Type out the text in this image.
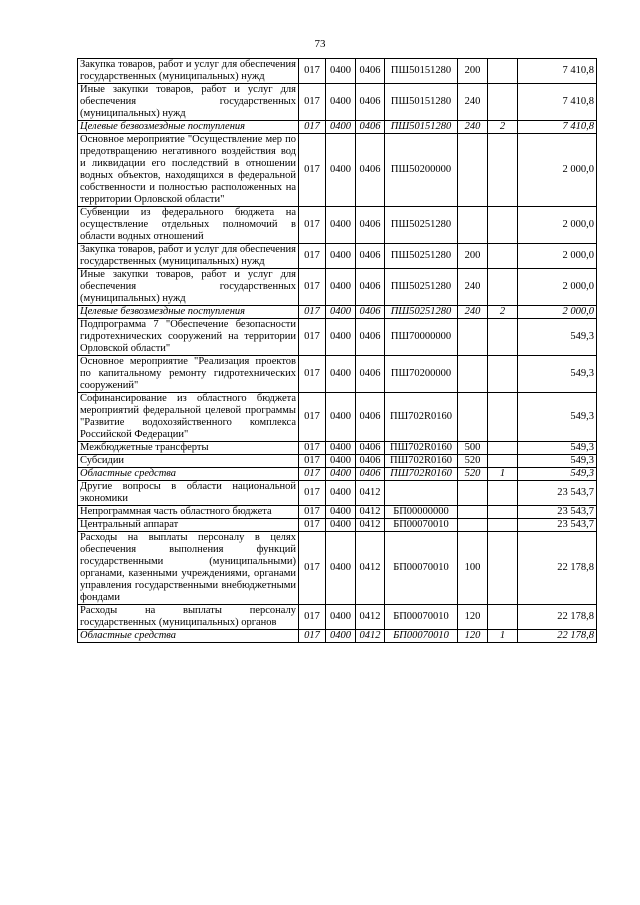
73
Закупка товаров, работ и услуг для обеспечения государственных (муниципальных) нужд	017	0400	0406	ПШ50151280	200		7 410,8
Иные закупки товаров, работ и услуг для обеспечения государственных (муниципальных) нужд	017	0400	0406	ПШ50151280	240		7 410,8
Целевые безвозмездные поступления	017	0400	0406	ПШ50151280	240	2	7 410,8
Основное мероприятие "Осуществление мер по предотвращению негативного воздействия вод и ликвидации его последствий в отношении водных объектов, находящихся в федеральной собственности и полностью расположенных на территории Орловской области"	017	0400	0406	ПШ50200000			2 000,0
Субвенции из федерального бюджета на осуществление отдельных полномочий в области водных отношений	017	0400	0406	ПШ50251280			2 000,0
Закупка товаров, работ и услуг для обеспечения государственных (муниципальных) нужд	017	0400	0406	ПШ50251280	200		2 000,0
Иные закупки товаров, работ и услуг для обеспечения государственных (муниципальных) нужд	017	0400	0406	ПШ50251280	240		2 000,0
Целевые безвозмездные поступления	017	0400	0406	ПШ50251280	240	2	2 000,0
Подпрограмма 7 "Обеспечение безопасности гидротехнических сооружений на территории Орловской области"	017	0400	0406	ПШ70000000			549,3
Основное мероприятие "Реализация проектов по капитальному ремонту гидротехнических сооружений"	017	0400	0406	ПШ70200000			549,3
Софинансирование из областного бюджета мероприятий федеральной целевой программы "Развитие водохозяйственного комплекса Российской Федерации"	017	0400	0406	ПШ702R0160			549,3
Межбюджетные трансферты	017	0400	0406	ПШ702R0160	500		549,3
Субсидии	017	0400	0406	ПШ702R0160	520		549,3
Областные средства	017	0400	0406	ПШ702R0160	520	1	549,3
Другие вопросы в области национальной экономики	017	0400	0412				23 543,7
Непрограммная часть областного бюджета	017	0400	0412	БП00000000			23 543,7
Центральный аппарат	017	0400	0412	БП00070010			23 543,7
Расходы на выплаты персоналу в целях обеспечения выполнения функций государственными (муниципальными) органами, казенными учреждениями, органами управления государственными внебюджетными фондами	017	0400	0412	БП00070010	100		22 178,8
Расходы на выплаты персоналу государственных (муниципальных) органов	017	0400	0412	БП00070010	120		22 178,8
Областные средства	017	0400	0412	БП00070010	120	1	22 178,8
